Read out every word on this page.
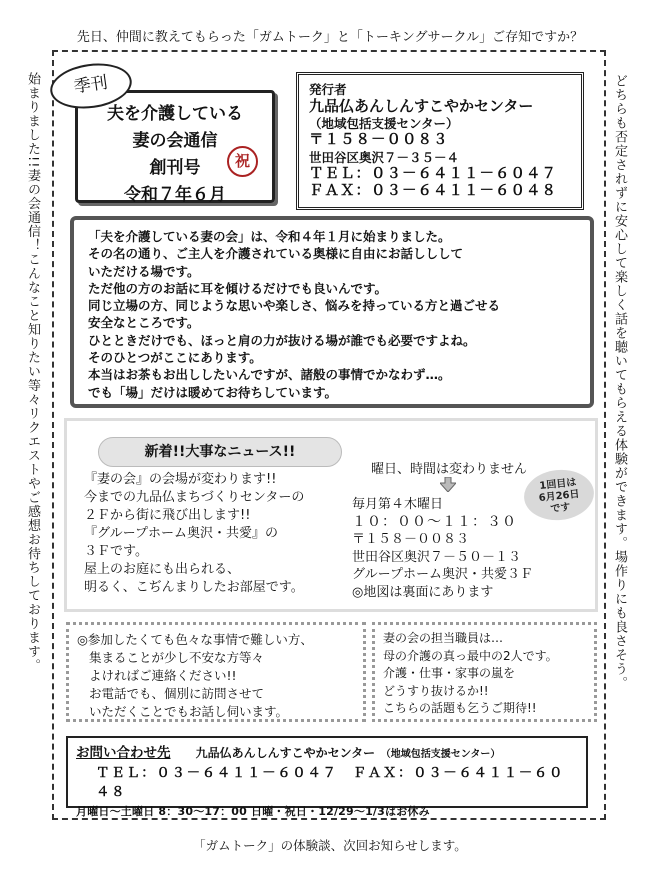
先日、仲間に教えてもらった「ガムトーク」と「トーキングサークル」ご存知ですか？
始まりました!!妻の会通信！こんなこと知りたい等々リクエストやご感想お待ちしております。	どちらも否定されずに安心して楽しく話を聴いてもらえる体験ができます。場作りにも良さそう。
夫を介護している
妻の会通信
創刊号
令和７年６月
季刊
祝
発行者
九品仏あんしんすこやかセンター
（地域包括支援センター）
〒１５８－００８３
世田谷区奥沢７－３５－４
ＴＥＬ：０３－６４１１－６０４７
ＦＡＸ：０３－６４１１－６０４８
「夫を介護している妻の会」は、令和４年１月に始まりました。
その名の通り、ご主人を介護されている奥様に自由にお話ししして
いただける場です。
ただ他の方のお話に耳を傾けるだけでも良いんです。
同じ立場の方、同じような思いや楽しさ、悩みを持っている方と過ごせる
安全なところです。
ひとときだけでも、ほっと肩の力が抜ける場が誰でも必要ですよね。
そのひとつがここにあります。
本当はお茶もお出ししたいんですが、諸般の事情でかなわず…。
でも「場」だけは暖めてお待ちしています。
新着!!大事なニュース!!
『妻の会』の会場が変わります!!
今までの九品仏まちづくりセンターの
２Ｆから街に飛び出します!!
『グループホーム奥沢・共愛』の
３Ｆです。
屋上のお庭にも出られる、
明るく、こぢんまりしたお部屋です。
曜日、時間は変わりません
毎月第４木曜日
１０：００～１１：３０
〒１５８－００８３
世田谷区奥沢７－５０－１３
グループホーム奥沢・共愛３Ｆ
◎地図は裏面にあります
1回目は
6月26日
です
◎参加したくても色々な事情で難しい方、
集まることが少し不安な方等々
よければご連絡ください!!
お電話でも、個別に訪問させて
いただくことでもお話し伺います。
妻の会の担当職員は…
母の介護の真っ最中の2人です。
介護・仕事・家事の嵐を
どうすり抜けるか!!
こちらの話題も乞うご期待!!
お問い合わせ先 九品仏あんしんすこやかセンター （地域包括支援センター）
ＴＥＬ：０３－６４１１－６０４７　ＦＡＸ：０３－６４１１－６０４８
月曜日～土曜日 8：30～17：00 日曜・祝日・12/29～1/3はお休み
「ガムトーク」の体験談、次回お知らせします。
